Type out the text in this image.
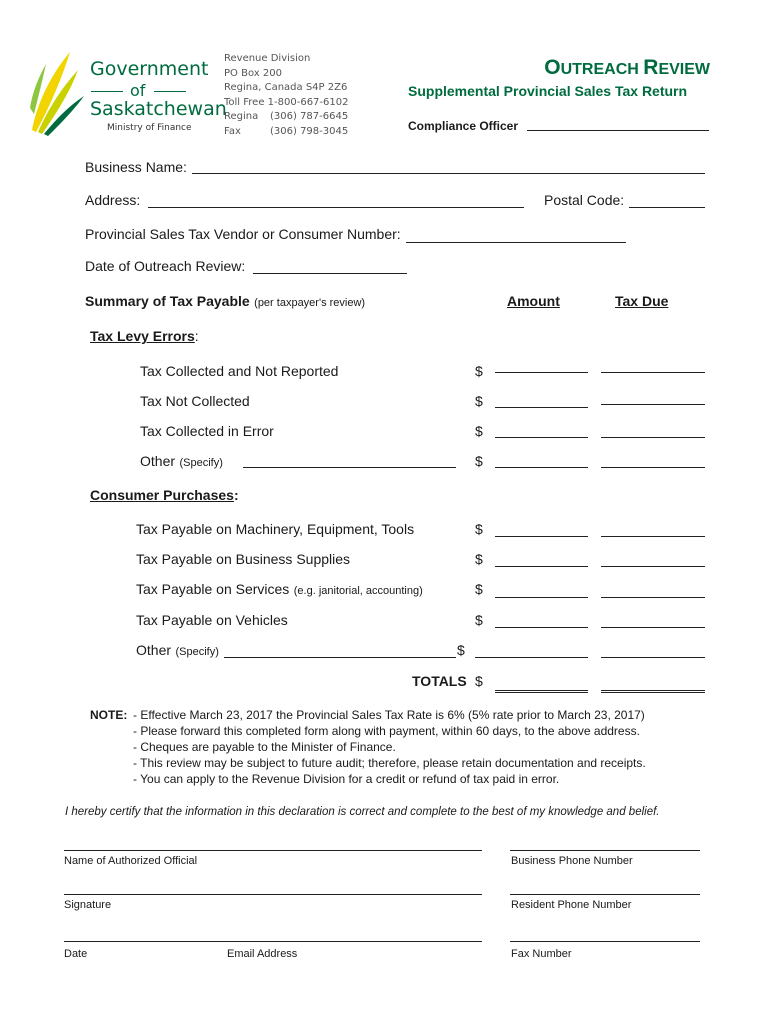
Government
of
Saskatchewan
Ministry of Finance
Revenue Division
PO Box 200
Regina, Canada S4P 2Z6
Toll Free 1-800-667-6102
Regina (306) 787-6645
Fax	(306) 798-3045
OUTREACH REVIEW
Supplemental Provincial Sales Tax Return
Compliance Officer
Business Name:
Address:	Postal Code:
Provincial Sales Tax Vendor or Consumer Number:
Date of Outreach Review:
Summary of Tax Payable (per taxpayer's review)	Amount	Tax Due
Tax Levy Errors:
Tax Collected and Not Reported	$
Tax Not Collected	$
Tax Collected in Error	$
Other (Specify)	$
Consumer Purchases:
Tax Payable on Machinery, Equipment, Tools	$
Tax Payable on Business Supplies	$
Tax Payable on Services (e.g. janitorial, accounting)	$
Tax Payable on Vehicles	$
Other (Specify)	$
TOTALS $
NOTE: - Effective March 23, 2017 the Provincial Sales Tax Rate is 6% (5% rate prior to March 23, 2017)
- Please forward this completed form along with payment, within 60 days, to the above address.
- Cheques are payable to the Minister of Finance.
- This review may be subject to future audit; therefore, please retain documentation and receipts.
- You can apply to the Revenue Division for a credit or refund of tax paid in error.
I hereby certify that the information in this declaration is correct and complete to the best of my knowledge and belief.
Name of Authorized Official	Business Phone Number
Signature	Resident Phone Number
Date	Email Address	Fax Number
